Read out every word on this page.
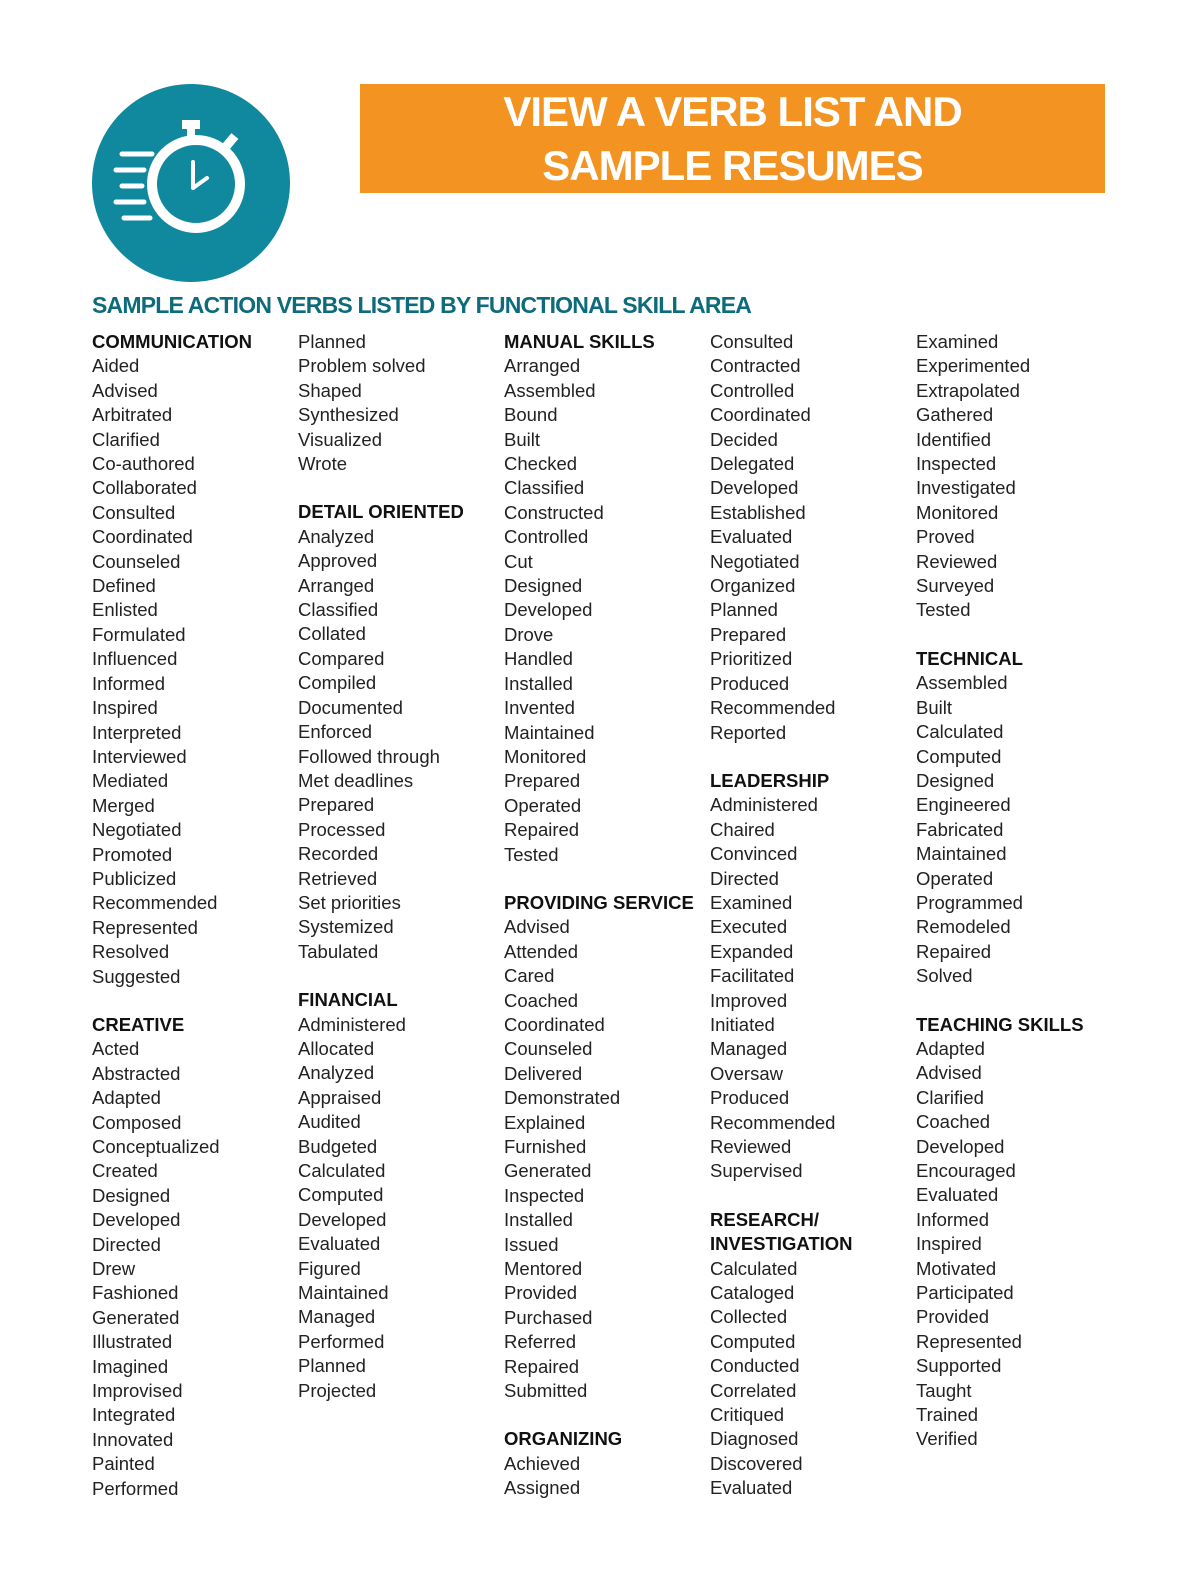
VIEW A VERB LIST AND
SAMPLE RESUMES
SAMPLE ACTION VERBS LISTED BY FUNCTIONAL SKILL AREA
COMMUNICATION
Aided
Advised
Arbitrated
Clarified
Co-authored
Collaborated
Consulted
Coordinated
Counseled
Defined
Enlisted
Formulated
Influenced
Informed
Inspired
Interpreted
Interviewed
Mediated
Merged
Negotiated
Promoted
Publicized
Recommended
Represented
Resolved
Suggested
CREATIVE
Acted
Abstracted
Adapted
Composed
Conceptualized
Created
Designed
Developed
Directed
Drew
Fashioned
Generated
Illustrated
Imagined
Improvised
Integrated
Innovated
Painted
Performed
Planned
Problem solved
Shaped
Synthesized
Visualized
Wrote
DETAIL ORIENTED
Analyzed
Approved
Arranged
Classified
Collated
Compared
Compiled
Documented
Enforced
Followed through
Met deadlines
Prepared
Processed
Recorded
Retrieved
Set priorities
Systemized
Tabulated
FINANCIAL
Administered
Allocated
Analyzed
Appraised
Audited
Budgeted
Calculated
Computed
Developed
Evaluated
Figured
Maintained
Managed
Performed
Planned
Projected
MANUAL SKILLS
Arranged
Assembled
Bound
Built
Checked
Classified
Constructed
Controlled
Cut
Designed
Developed
Drove
Handled
Installed
Invented
Maintained
Monitored
Prepared
Operated
Repaired
Tested
PROVIDING SERVICE
Advised
Attended
Cared
Coached
Coordinated
Counseled
Delivered
Demonstrated
Explained
Furnished
Generated
Inspected
Installed
Issued
Mentored
Provided
Purchased
Referred
Repaired
Submitted
ORGANIZING
Achieved
Assigned
Consulted
Contracted
Controlled
Coordinated
Decided
Delegated
Developed
Established
Evaluated
Negotiated
Organized
Planned
Prepared
Prioritized
Produced
Recommended
Reported
LEADERSHIP
Administered
Chaired
Convinced
Directed
Examined
Executed
Expanded
Facilitated
Improved
Initiated
Managed
Oversaw
Produced
Recommended
Reviewed
Supervised
RESEARCH/
INVESTIGATION
Calculated
Cataloged
Collected
Computed
Conducted
Correlated
Critiqued
Diagnosed
Discovered
Evaluated
Examined
Experimented
Extrapolated
Gathered
Identified
Inspected
Investigated
Monitored
Proved
Reviewed
Surveyed
Tested
TECHNICAL
Assembled
Built
Calculated
Computed
Designed
Engineered
Fabricated
Maintained
Operated
Programmed
Remodeled
Repaired
Solved
TEACHING SKILLS
Adapted
Advised
Clarified
Coached
Developed
Encouraged
Evaluated
Informed
Inspired
Motivated
Participated
Provided
Represented
Supported
Taught
Trained
Verified
